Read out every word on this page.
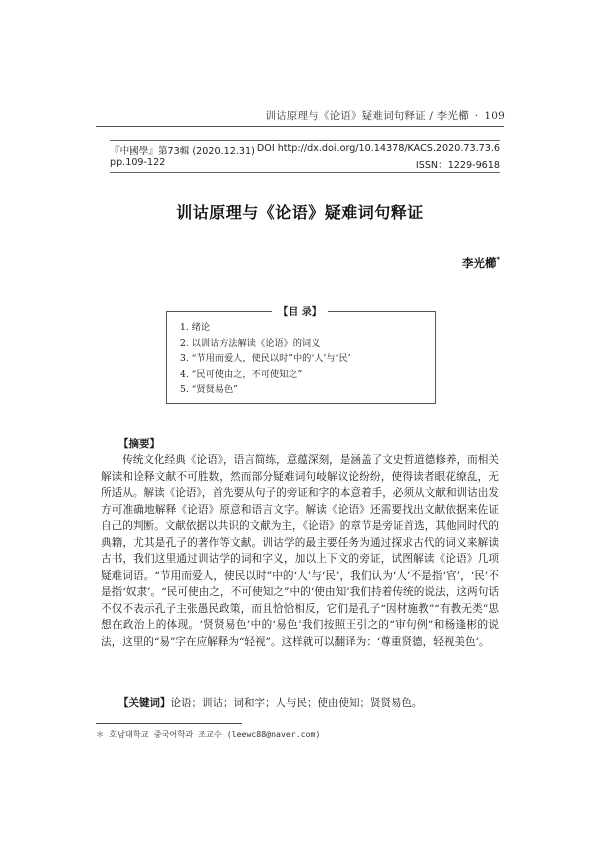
训诂原理与《论语》疑难词句释证 / 李光櫛 · 109
『中國學』第73輯 (2020.12.31) DOI http://dx.doi.org/10.14378/KACS.2020.73.73.6
pp.109-122	ISSN：1229-9618
训诂原理与《论语》疑难词句释证
李光櫛*
【目 录】
1. 绪论
2. 以训诂方法解读《论语》的词义
3. “节用而爱人，使民以时”中的‘人’与‘民’
4. “民可使由之，不可使知之”
5. “贤贤易色”
【摘要】

传统文化经典《论语》，语言简练，意蕴深刻，是涵盖了文史哲道德修养，而相关解读和诠释文献不可胜数，然而部分疑难词句岐解议论纷纷，使得读者眼花缭乱，无所适从。解读《论语》，首先要从句子的旁证和字的本意着手，必须从文献和训诂出发方可准确地解释《论语》原意和语言文字。解读《论语》还需要找出文献依据来佐证自己的判断。文献依据以共识的文献为主，《论语》的章节是旁证首选，其他同时代的典籍，尤其是孔子的著作等文献。训诂学的最主要任务为通过探求古代的词义来解读古书，我们这里通过训诂学的词和字义，加以上下文的旁证，试图解读《论语》几项疑难词语。“节用而爱人，使民以时”中的‘人’与‘民’，我们认为‘人’不是指‘官’，‘民’不是指‘奴隶’。“民可使由之，不可使知之”中的‘使由知’我们持着传统的说法，这两句话不仅不表示孔子主张愚民政策，而且恰恰相反，它们是孔子“因材施教”“有教无类”思想在政治上的体现。‘贤贤易色’中的‘易色’我们按照王引之的“审句例”和杨逢彬的说法，这里的“易”字在应解释为“轻视”。这样就可以翻译为：‘尊重贤德，轻视美色’。

【关键词】论语；训诂；词和字；人与民；使由使知；贤贤易色。
＊ 호남대학교 중국어학과 조교수 (leewc88@naver.com)
